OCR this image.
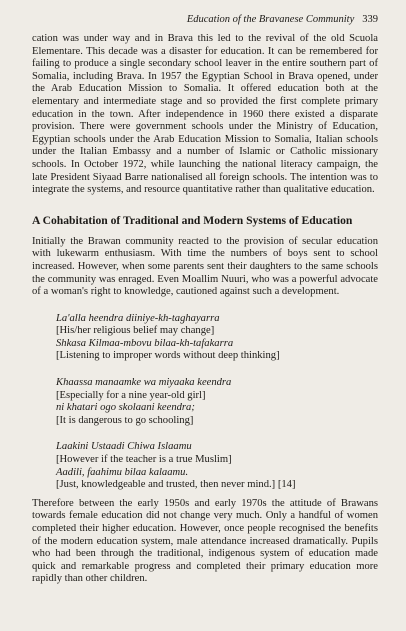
Education of the Bravanese Community 339

cation was under way and in Brava this led to the revival of the old Scuola Elementare. This decade was a disaster for education. It can be remembered for failing to produce a single secondary school leaver in the entire southern part of Somalia, including Brava. In 1957 the Egyptian School in Brava opened, under the Arab Education Mission to Somalia. It offered education both at the elementary and intermediate stage and so provided the first complete primary education in the town. After independence in 1960 there existed a disparate provision. There were government schools under the Ministry of Education, Egyptian schools under the Arab Education Mission to Somalia, Italian schools under the Italian Embassy and a number of Islamic or Catholic missionary schools. In October 1972, while launching the national literacy campaign, the late President Siyaad Barre nationalised all foreign schools. The intention was to integrate the systems, and resource quantitative rather than qualitative education.

A Cohabitation of Traditional and Modern Systems of Education

Initially the Brawan community reacted to the provision of secular education with lukewarm enthusiasm. With time the numbers of boys sent to school increased. However, when some parents sent their daughters to the same schools the community was enraged. Even Moallim Nuuri, who was a powerful advocate of a woman's right to knowledge, cautioned against such a development.

La'alla heendra diiniye-kh-taghayarra
[His/her religious belief may change]
Shkasa Kilmaa-mbovu bilaa-kh-tafakarra
[Listening to improper words without deep thinking]
Khaassa manaamke wa miyaaka keendra
[Especially for a nine year-old girl]
ni khatari ogo skolaani keendra;
[It is dangerous to go schooling]
Laakini Ustaadi Chiwa Islaamu
[However if the teacher is a true Muslim]
Aadili, faahimu bilaa kalaamu.
[Just, knowledgeable and trusted, then never mind.] [14]

Therefore between the early 1950s and early 1970s the attitude of Brawans towards female education did not change very much. Only a handful of women completed their higher education. However, once people recognised the benefits of the modern education system, male attendance increased dramatically. Pupils who had been through the traditional, indigenous system of education made quick and remarkable progress and completed their primary education more rapidly than other children.
